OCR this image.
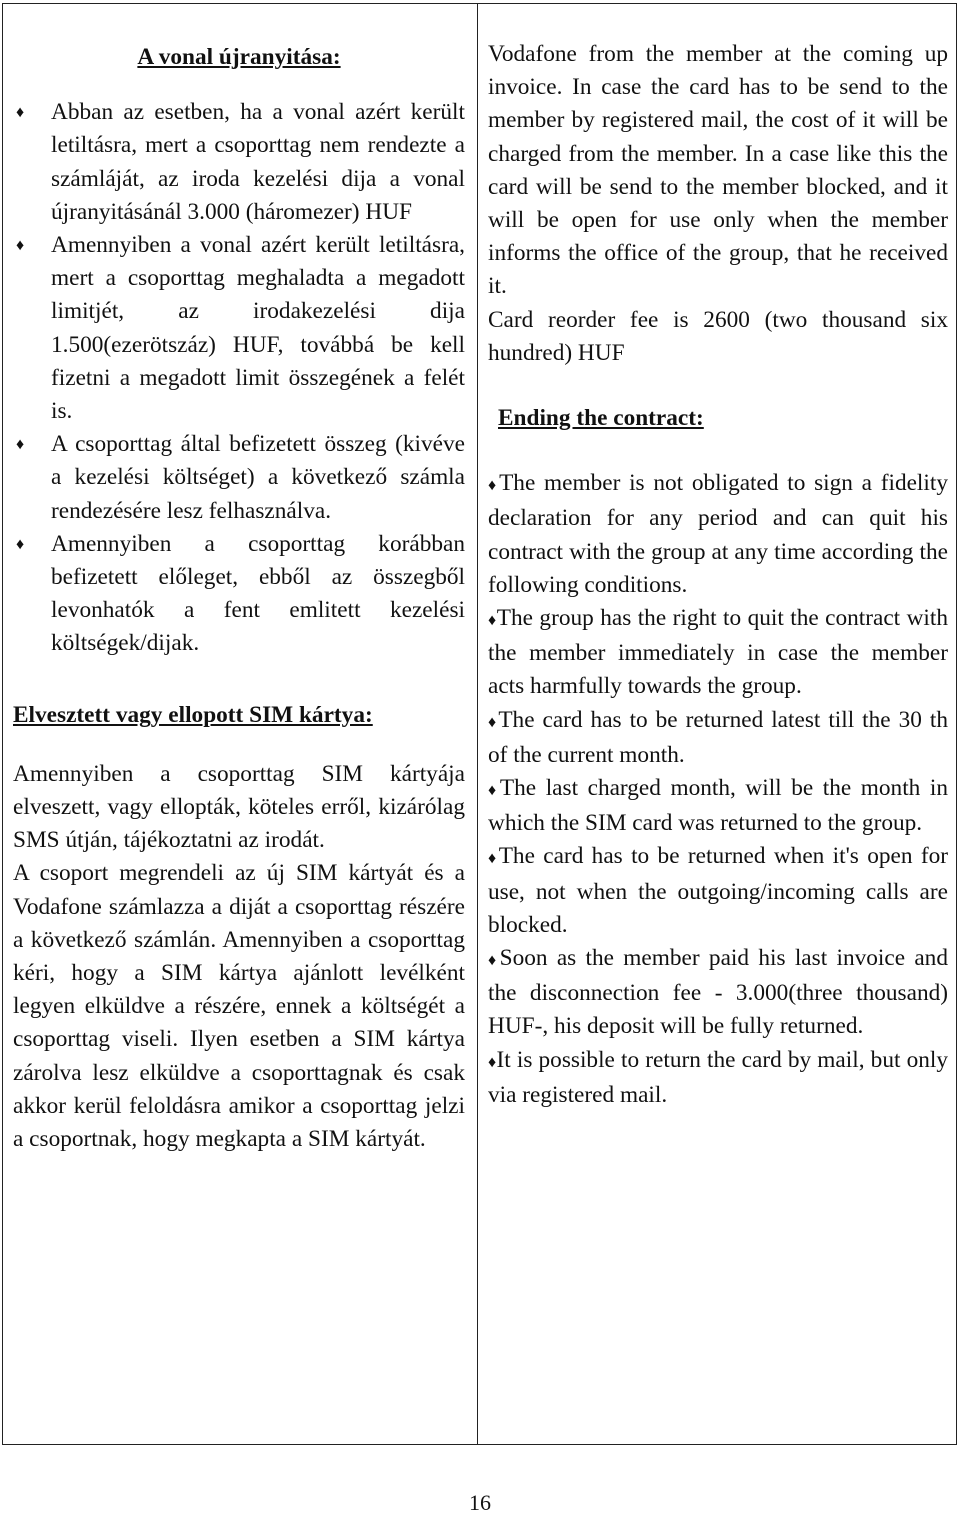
A vonal újranyitása:

♦ Abban az esetben, ha a vonal azért került letiltásra, mert a csoporttag nem rendezte a számláját, az iroda kezelési dija a vonal újranyitásánál 3.000 (háromezer) HUF
♦ Amennyiben a vonal azért került letiltásra, mert a csoporttag meghaladta a megadott limitjét, az irodakezelési dija 1.500(ezerötszáz) HUF, továbbá be kell fizetni a megadott limit összegének a felét is.
♦ A csoporttag által befizetett összeg (kivéve a kezelési költséget) a következő számla rendezésére lesz felhasználva.
♦ Amennyiben a csoporttag korábban befizetett előleget, ebből az összegből levonhatók a fent emlitett kezelési költségek/dijak.

Elvesztett vagy ellopott SIM kártya:

Amennyiben a csoporttag SIM kártyája elveszett, vagy ellopták, köteles erről, kizárólag SMS útján, tájékoztatni az irodát.

A csoport megrendeli az új SIM kártyát és a Vodafone számlazza a diját a csoporttag részére a következő számlán. Amennyiben a csoporttag kéri, hogy a SIM kártya ajánlott levélként legyen elküldve a részére, ennek a költségét a csoporttag viseli. Ilyen esetben a SIM kártya zárolva lesz elküldve a csoporttagnak és csak akkor kerül feloldásra amikor a csoporttag jelzi a csoportnak, hogy megkapta a SIM kártyát.

Vodafone from the member at the coming up invoice. In case the card has to be send to the member by registered mail, the cost of it will be charged from the member. In a case like this the card will be send to the member blocked, and it will be open for use only when the member informs the office of the group, that he received it.

Card reorder fee is 2600 (two thousand six hundred) HUF

Ending the contract:

♦The member is not obligated to sign a fidelity declaration for any period and can quit his contract with the group at any time according the following conditions.

♦The group has the right to quit the contract with the member immediately in case the member acts harmfully towards the group.

♦The card has to be returned latest till the 30 th of the current month.

♦The last charged month, will be the month in which the SIM card was returned to the group.

♦The card has to be returned when it's open for use, not when the outgoing/incoming calls are blocked.

♦Soon as the member paid his last invoice and the disconnection fee - 3.000(three thousand) HUF-, his deposit will be fully returned.

♦It is possible to return the card by mail, but only via registered mail.

16
